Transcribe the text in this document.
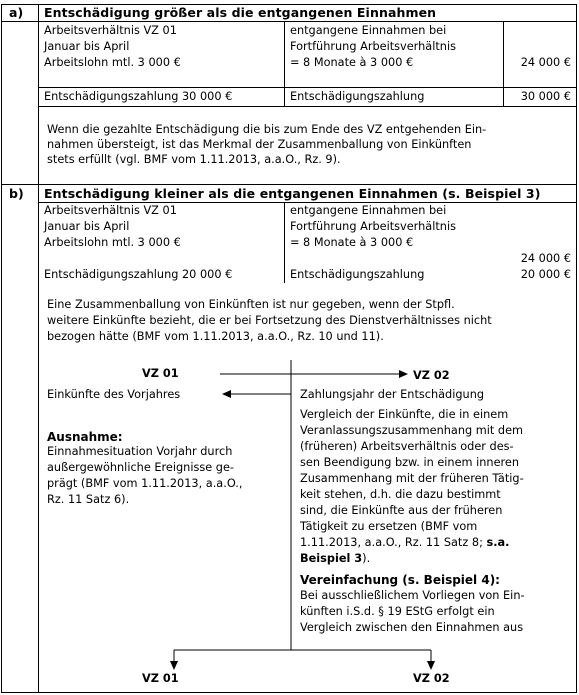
a) Entschädigung größer als die entgangenen Einnahmen
Arbeitsverhältnis VZ 01
Januar bis April
Arbeitslohn mtl. 3 000 €
entgangene Einnahmen bei
Fortführung Arbeitsverhältnis
= 8 Monate à 3 000 €	24 000 €
Entschädigungszahlung 30 000 €	Entschädigungszahlung	30 000 €
Wenn die gezahlte Entschädigung die bis zum Ende des VZ entgehenden Ein-
nahmen übersteigt, ist das Merkmal der Zusammenballung von Einkünften
stets erfüllt (vgl. BMF vom 1.11.2013, a.a.O., Rz. 9).
b) Entschädigung kleiner als die entgangenen Einnahmen (s. Beispiel 3)
Arbeitsverhältnis VZ 01
Januar bis April
Arbeitslohn mtl. 3 000 €
entgangene Einnahmen bei
Fortführung Arbeitsverhältnis
= 8 Monate à 3 000 €
24 000 €
Entschädigungszahlung 20 000 €	Entschädigungszahlung	20 000 €
Eine Zusammenballung von Einkünften ist nur gegeben, wenn der Stpfl.
weitere Einkünfte bezieht, die er bei Fortsetzung des Dienstverhältnisses nicht
bezogen hätte (BMF vom 1.11.2013, a.a.O., Rz. 10 und 11).
VZ 01	VZ 02
Einkünfte des Vorjahres	Zahlungsjahr der Entschädigung
Ausnahme:
Einnahmesituation Vorjahr durch
außergewöhnliche Ereignisse ge-
prägt (BMF vom 1.11.2013, a.a.O.,
Rz. 11 Satz 6).
Vergleich der Einkünfte, die in einem
Veranlassungszusammenhang mit dem
(früheren) Arbeitsverhältnis oder des-
sen Beendigung bzw. in einem inneren
Zusammenhang mit der früheren Tätig-
keit stehen, d.h. die dazu bestimmt
sind, die Einkünfte aus der früheren
Tätigkeit zu ersetzen (BMF vom
1.11.2013, a.a.O., Rz. 11 Satz 8; s.a.
Beispiel 3).
Vereinfachung (s. Beispiel 4):
Bei ausschließlichem Vorliegen von Ein-
künften i.S.d. § 19 EStG erfolgt ein
Vergleich zwischen den Einnahmen aus
VZ 01	VZ 02
